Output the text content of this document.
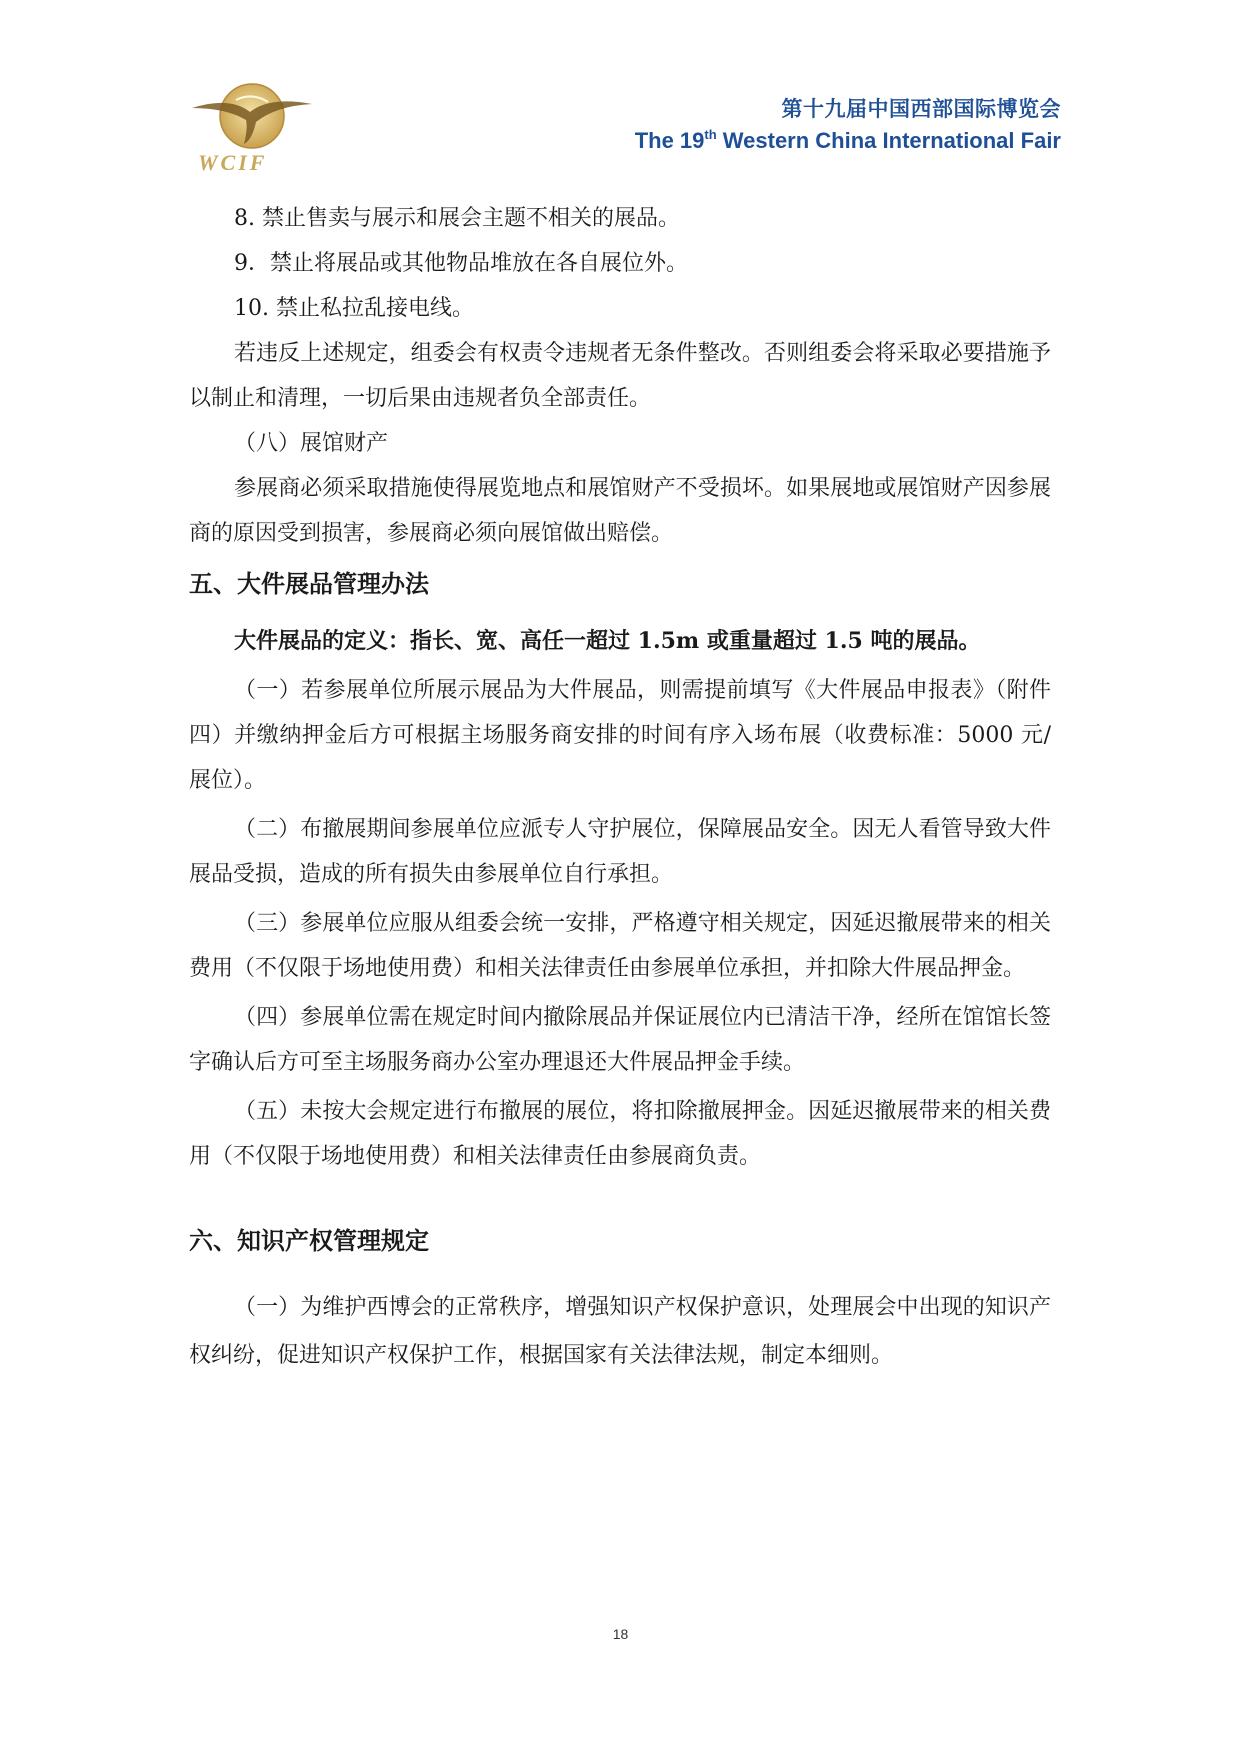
WCIF
第十九届中国西部国际博览会
The 19th Western China International Fair

8. 禁止售卖与展示和展会主题不相关的展品。

9．禁止将展品或其他物品堆放在各自展位外。

10. 禁止私拉乱接电线。

若违反上述规定，组委会有权责令违规者无条件整改。否则组委会将采取必要措施予以制止和清理，一切后果由违规者负全部责任。

（八）展馆财产

参展商必须采取措施使得展览地点和展馆财产不受损坏。如果展地或展馆财产因参展商的原因受到损害，参展商必须向展馆做出赔偿。

五、大件展品管理办法

大件展品的定义：指长、宽、高任一超过 1.5m 或重量超过 1.5 吨的展品。

（一）若参展单位所展示展品为大件展品，则需提前填写《大件展品申报表》（附件四）并缴纳押金后方可根据主场服务商安排的时间有序入场布展（收费标准：5000 元/展位）。

（二）布撤展期间参展单位应派专人守护展位，保障展品安全。因无人看管导致大件展品受损，造成的所有损失由参展单位自行承担。

（三）参展单位应服从组委会统一安排，严格遵守相关规定，因延迟撤展带来的相关费用（不仅限于场地使用费）和相关法律责任由参展单位承担，并扣除大件展品押金。

（四）参展单位需在规定时间内撤除展品并保证展位内已清洁干净，经所在馆馆长签字确认后方可至主场服务商办公室办理退还大件展品押金手续。

（五）未按大会规定进行布撤展的展位，将扣除撤展押金。因延迟撤展带来的相关费用（不仅限于场地使用费）和相关法律责任由参展商负责。

六、知识产权管理规定

（一）为维护西博会的正常秩序，增强知识产权保护意识，处理展会中出现的知识产权纠纷，促进知识产权保护工作，根据国家有关法律法规，制定本细则。

18
